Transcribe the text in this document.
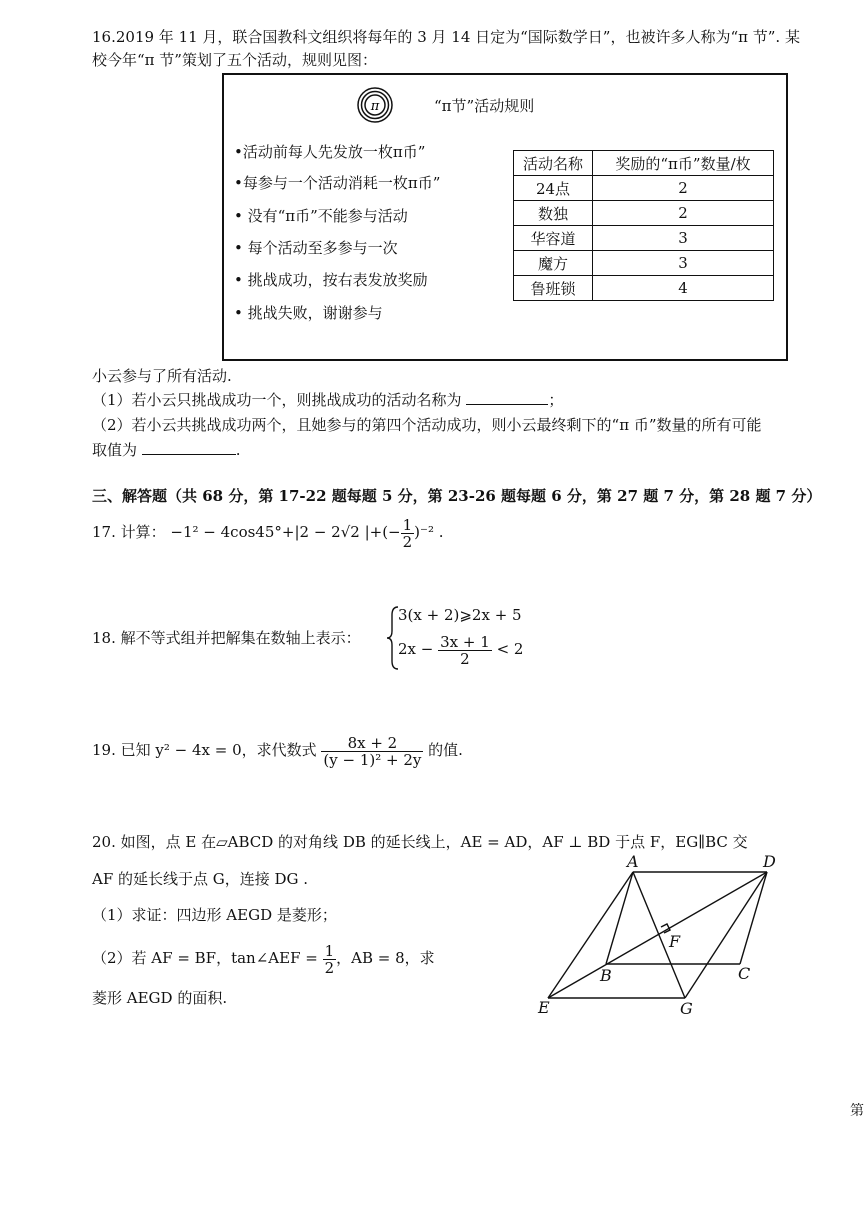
16.2019 年 11 月，联合国教科文组织将每年的 3 月 14 日定为“国际数学日”，也被许多人称为“π 节”. 某
校今年“π 节”策划了五个活动，规则见图：
π	“π节”活动规则
•活动前每人先发放一枚π币”
•每参与一个活动消耗一枚π币”
• 没有“π币”不能参与活动
• 每个活动至多参与一次
• 挑战成功，按右表发放奖励
• 挑战失败，谢谢参与
活动名称	奖励的“π币”数量/枚
24点	2
数独	2
华容道	3
魔方	3
鲁班锁	4
小云参与了所有活动.
（1）若小云只挑战成功一个，则挑战成功的活动名称为	；
（2）若小云共挑战成功两个，且她参与的第四个活动成功，则小云最终剩下的“π 币”数量的所有可能
取值为	.
三、解答题（共 68 分，第 17-22 题每题 5 分，第 23-26 题每题 6 分，第 27 题 7 分，第 28 题 7 分）
17. 计算： −1² − 4cos45°+|2 − 2√2 |+(− $\frac{1}{2} )^{-2}$ .
18. 解不等式组并把解集在数轴上表示：
3(x + 2)⩾2x + 5
$2x - \frac{3x + 1}{2} < 2$
19. 已知 y² − 4x = 0，求代数式 $\frac{8x + 2}{\text{(y − 1)² + 2y}}$ 的值.
20. 如图，点 E 在▱ABCD 的对角线 DB 的延长线上，AE = AD，AF ⊥ BD 于点 F，EG∥BC 交
AF 的延长线于点 G，连接 DG .
（1）求证：四边形 AEGD 是菱形；
（2）若 AF = BF，tan∠AEF = $\frac{1}{2}$ ，AB = 8，求
菱形 AEGD 的面积.
A	D
F
B	C
E	G
第
